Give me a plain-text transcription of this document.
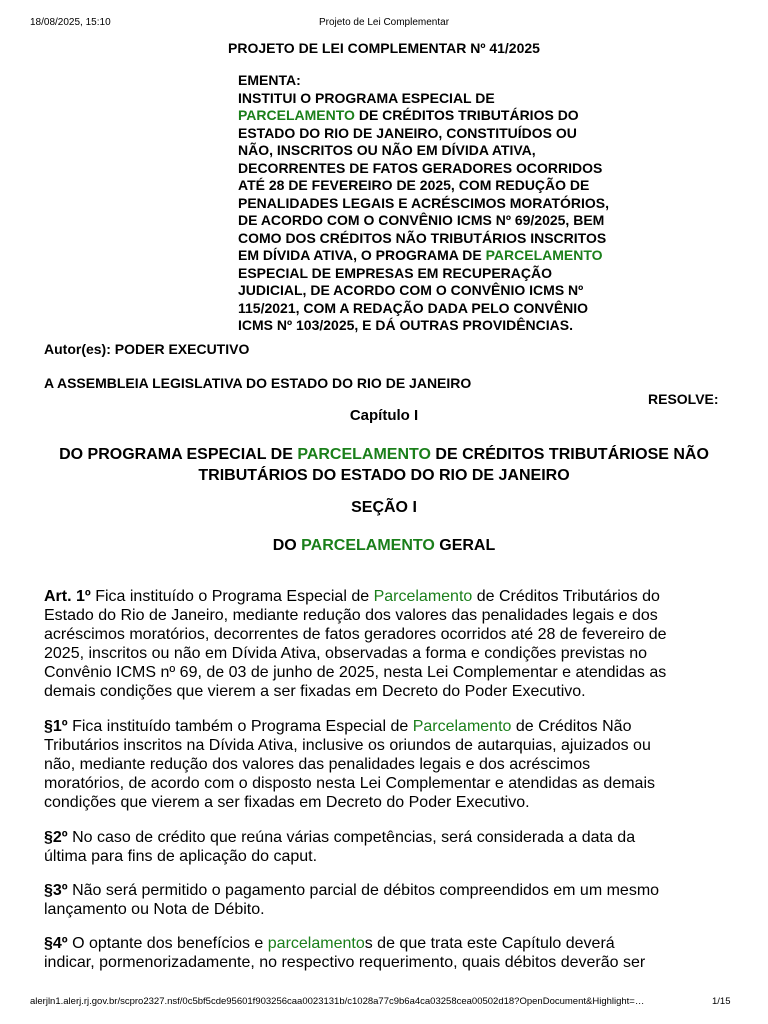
18/08/2025, 15:10	Projeto de Lei Complementar
PROJETO DE LEI COMPLEMENTAR Nº 41/2025
EMENTA:
INSTITUI O PROGRAMA ESPECIAL DE
PARCELAMENTO DE CRÉDITOS TRIBUTÁRIOS DO
ESTADO DO RIO DE JANEIRO, CONSTITUÍDOS OU
NÃO, INSCRITOS OU NÃO EM DÍVIDA ATIVA,
DECORRENTES DE FATOS GERADORES OCORRIDOS
ATÉ 28 DE FEVEREIRO DE 2025, COM REDUÇÃO DE
PENALIDADES LEGAIS E ACRÉSCIMOS MORATÓRIOS,
DE ACORDO COM O CONVÊNIO ICMS Nº 69/2025, BEM
COMO DOS CRÉDITOS NÃO TRIBUTÁRIOS INSCRITOS
EM DÍVIDA ATIVA, O PROGRAMA DE PARCELAMENTO
ESPECIAL DE EMPRESAS EM RECUPERAÇÃO
JUDICIAL, DE ACORDO COM O CONVÊNIO ICMS Nº
115/2021, COM A REDAÇÃO DADA PELO CONVÊNIO
ICMS Nº 103/2025, E DÁ OUTRAS PROVIDÊNCIAS.
Autor(es): PODER EXECUTIVO
A ASSEMBLEIA LEGISLATIVA DO ESTADO DO RIO DE JANEIRO
RESOLVE:
Capítulo I
DO PROGRAMA ESPECIAL DE PARCELAMENTO DE CRÉDITOS TRIBUTÁRIOSE NÃO TRIBUTÁRIOS DO ESTADO DO RIO DE JANEIRO
SEÇÃO I
DO PARCELAMENTO GERAL
Art. 1º Fica instituído o Programa Especial de Parcelamento de Créditos Tributários do
Estado do Rio de Janeiro, mediante redução dos valores das penalidades legais e dos
acréscimos moratórios, decorrentes de fatos geradores ocorridos até 28 de fevereiro de
2025, inscritos ou não em Dívida Ativa, observadas a forma e condições previstas no
Convênio ICMS nº 69, de 03 de junho de 2025, nesta Lei Complementar e atendidas as
demais condições que vierem a ser fixadas em Decreto do Poder Executivo.
§1º Fica instituído também o Programa Especial de Parcelamento de Créditos Não
Tributários inscritos na Dívida Ativa, inclusive os oriundos de autarquias, ajuizados ou
não, mediante redução dos valores das penalidades legais e dos acréscimos
moratórios, de acordo com o disposto nesta Lei Complementar e atendidas as demais
condições que vierem a ser fixadas em Decreto do Poder Executivo.
§2º No caso de crédito que reúna várias competências, será considerada a data da
última para fins de aplicação do caput.
§3º Não será permitido o pagamento parcial de débitos compreendidos em um mesmo
lançamento ou Nota de Débito.
§4º O optante dos benefícios e parcelamentos de que trata este Capítulo deverá
indicar, pormenorizadamente, no respectivo requerimento, quais débitos deverão ser
alerjln1.alerj.rj.gov.br/scpro2327.nsf/0c5bf5cde95601f903256caa0023131b/c1028a77c9b6a4ca03258cea00502d18?OpenDocument&Highlight=…	1/15
